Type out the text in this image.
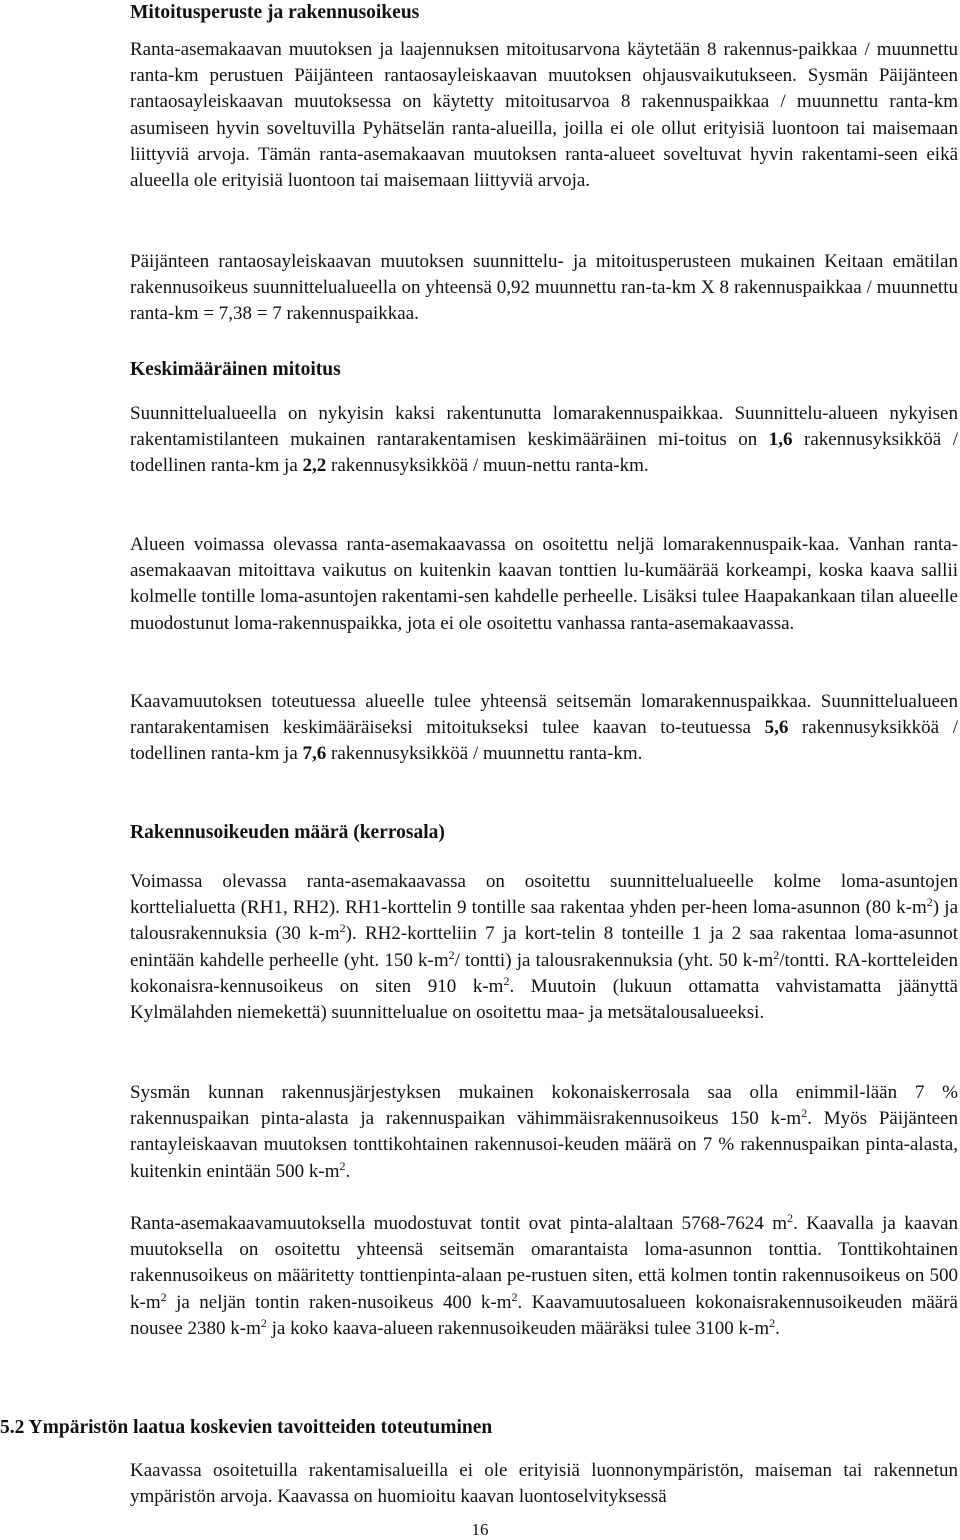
Mitoitusperuste ja rakennusoikeus

Ranta-asemakaavan muutoksen ja laajennuksen mitoitusarvona käytetään 8 rakennus-paikkaa / muunnettu ranta-km perustuen Päijänteen rantaosayleiskaavan muutoksen ohjausvaikutukseen. Sysmän Päijänteen rantaosayleiskaavan muutoksessa on käytetty mitoitusarvoa 8 rakennuspaikkaa / muunnettu ranta-km asumiseen hyvin soveltuvilla Pyhätselän ranta-alueilla, joilla ei ole ollut erityisiä luontoon tai maisemaan liittyviä arvoja. Tämän ranta-asemakaavan muutoksen ranta-alueet soveltuvat hyvin rakentami-seen eikä alueella ole erityisiä luontoon tai maisemaan liittyviä arvoja.

Päijänteen rantaosayleiskaavan muutoksen suunnittelu- ja mitoitusperusteen mukainen Keitaan emätilan rakennusoikeus suunnittelualueella on yhteensä 0,92 muunnettu ran-ta-km X 8 rakennuspaikkaa / muunnettu ranta-km = 7,38 = 7 rakennuspaikkaa.

Keskimääräinen mitoitus

Suunnittelualueella on nykyisin kaksi rakentunutta lomarakennuspaikkaa. Suunnittelu-alueen nykyisen rakentamistilanteen mukainen rantarakentamisen keskimääräinen mi-toitus on 1,6 rakennusyksikköä / todellinen ranta-km ja 2,2 rakennusyksikköä / muun-nettu ranta-km.

Alueen voimassa olevassa ranta-asemakaavassa on osoitettu neljä lomarakennuspaik-kaa. Vanhan ranta-asemakaavan mitoittava vaikutus on kuitenkin kaavan tonttien lu-kumäärää korkeampi, koska kaava sallii kolmelle tontille loma-asuntojen rakentami-sen kahdelle perheelle. Lisäksi tulee Haapakankaan tilan alueelle muodostunut loma-rakennuspaikka, jota ei ole osoitettu vanhassa ranta-asemakaavassa.

Kaavamuutoksen toteutuessa alueelle tulee yhteensä seitsemän lomarakennuspaikkaa. Suunnittelualueen rantarakentamisen keskimääräiseksi mitoitukseksi tulee kaavan to-teutuessa 5,6 rakennusyksikköä / todellinen ranta-km ja 7,6 rakennusyksikköä / muunnettu ranta-km.

Rakennusoikeuden määrä (kerrosala)

Voimassa olevassa ranta-asemakaavassa on osoitettu suunnittelualueelle kolme loma-asuntojen korttelialuetta (RH1, RH2). RH1-korttelin 9 tontille saa rakentaa yhden per-heen loma-asunnon (80 $k-m^2$) ja talousrakennuksia (30 $k-m^2$). RH2-kortteliin 7 ja kort-telin 8 tonteille 1 ja 2 saa rakentaa loma-asunnot enintään kahdelle perheelle (yht. 150 $k-m^2/$ tontti) ja talousrakennuksia (yht. 50 $k-m^2$/tontti. RA-kortteleiden kokonaisra-kennusoikeus on siten 910 $k-m^2$. Muutoin (lukuun ottamatta vahvistamatta jäänyttä Kylmälahden niemekettä) suunnittelualue on osoitettu maa- ja metsätalousalueeksi.

Sysmän kunnan rakennusjärjestyksen mukainen kokonaiskerrosala saa olla enimmil-lään 7 % rakennuspaikan pinta-alasta ja rakennuspaikan vähimmäisrakennusoikeus 150 $k-m^2$. Myös Päijänteen rantayleiskaavan muutoksen tonttikohtainen rakennusoi-keuden määrä on 7 % rakennuspaikan pinta-alasta, kuitenkin enintään 500 $k-m^2$.

Ranta-asemakaavamuutoksella muodostuvat tontit ovat pinta-alaltaan 5768-7624 $m^2$. Kaavalla ja kaavan muutoksella on osoitettu yhteensä seitsemän omarantaista loma-asunnon tonttia. Tonttikohtainen rakennusoikeus on määritetty tonttienpinta-alaan pe-rustuen siten, että kolmen tontin rakennusoikeus on 500 $k-m^2$ ja neljän tontin raken-nusoikeus 400 $k-m^2$. Kaavamuutosalueen kokonaisrakennusoikeuden määrä nousee 2380 $k-m^2$ ja koko kaava-alueen rakennusoikeuden määräksi tulee 3100 $k-m^2$.

5.2 Ympäristön laatua koskevien tavoitteiden toteutuminen

Kaavassa osoitetuilla rakentamisalueilla ei ole erityisiä luonnonympäristön, maiseman tai rakennetun ympäristön arvoja. Kaavassa on huomioitu kaavan luontoselvityksessä

16
